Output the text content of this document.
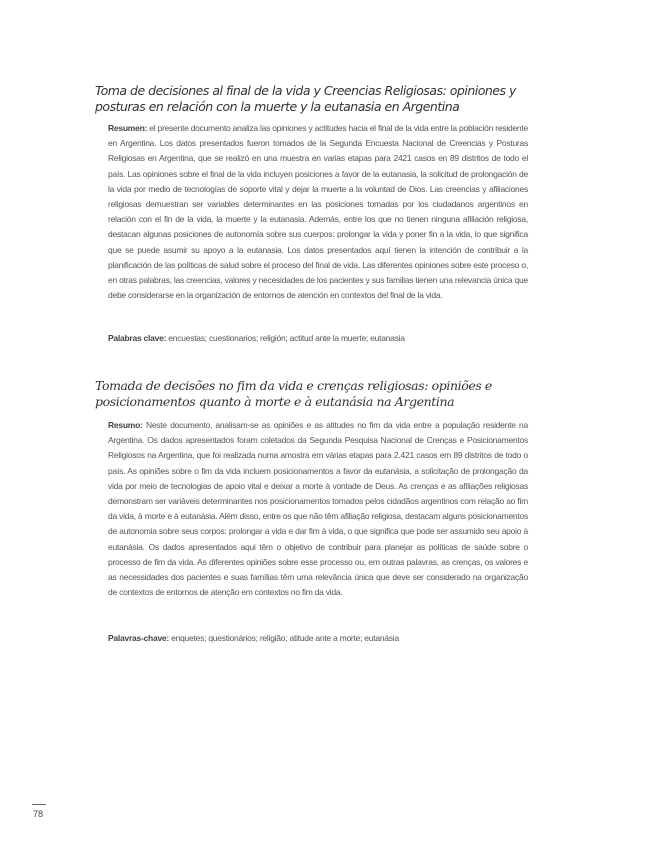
Toma de decisiones al final de la vida y Creencias Religiosas: opiniones y posturas en relación con la muerte y la eutanasia en Argentina

Resumen: el presente documento analiza las opiniones y actitudes hacia el final de la vida entre la población residente en Argentina. Los datos presentados fueron tomados de la Segunda Encuesta Nacional de Creencias y Posturas Religiosas en Argentina, que se realizó en una muestra en varias etapas para 2421 casos en 89 distritos de todo el país. Las opiniones sobre el final de la vida incluyen posiciones a favor de la eutanasia, la solicitud de prolongación de la vida por medio de tecnologías de soporte vital y dejar la muerte a la voluntad de Dios. Las creencias y afiliaciones religiosas demuestran ser variables determinantes en las posiciones tomadas por los ciudadanos argentinos en relación con el fin de la vida, la muerte y la eutanasia. Además, entre los que no tienen ninguna afiliación religiosa, destacan algunas posiciones de autonomía sobre sus cuerpos: prolongar la vida y poner fin a la vida, lo que significa que se puede asumir su apoyo a la eutanasia. Los datos presentados aquí tienen la intención de contribuir a la planificación de las políticas de salud sobre el proceso del final de vida. Las diferentes opiniones sobre este proceso o, en otras palabras, las creencias, valores y necesidades de los pacientes y sus familias tienen una relevancia única que debe considerarse en la organización de entornos de atención en contextos del final de la vida.

Palabras clave: encuestas; cuestionarios; religión; actitud ante la muerte; eutanasia

Tomada de decisões no fim da vida e crenças religiosas: opiniões e posicionamentos quanto à morte e à eutanásia na Argentina

Resumo: Neste documento, analisam-se as opiniões e as atitudes no fim da vida entre a população residente na Argentina. Os dados apresentados foram coletados da Segunda Pesquisa Nacional de Crenças e Posicionamentos Religiosos na Argentina, que foi realizada numa amostra em várias etapas para 2.421 casos em 89 distritos de todo o país. As opiniões sobre o fim da vida incluem posicionamentos a favor da eutanásia, a solicitação de prolongação da vida por meio de tecnologias de apoio vital e deixar a morte à vontade de Deus. As crenças e as afiliações religiosas demonstram ser variáveis determinantes nos posicionamentos tomados pelos cidadãos argentinos com relação ao fim da vida, à morte e à eutanásia. Além disso, entre os que não têm afiliação religiosa, destacam alguns posicionamentos de autonomia sobre seus corpos: prolongar a vida e dar fim à vida, o que significa que pode ser assumido seu apoio à eutanásia. Os dados apresentados aqui têm o objetivo de contribuir para planejar as políticas de saúde sobre o processo de fim da vida. As diferentes opiniões sobre esse processo ou, em outras palavras, as crenças, os valores e as necessidades dos pacientes e suas famílias têm uma relevância única que deve ser considerado na organização de contextos de entornos de atenção em contextos no fim da vida.

Palavras-chave: enquetes; questionários; religião; atitude ante a morte; eutanásia

78
